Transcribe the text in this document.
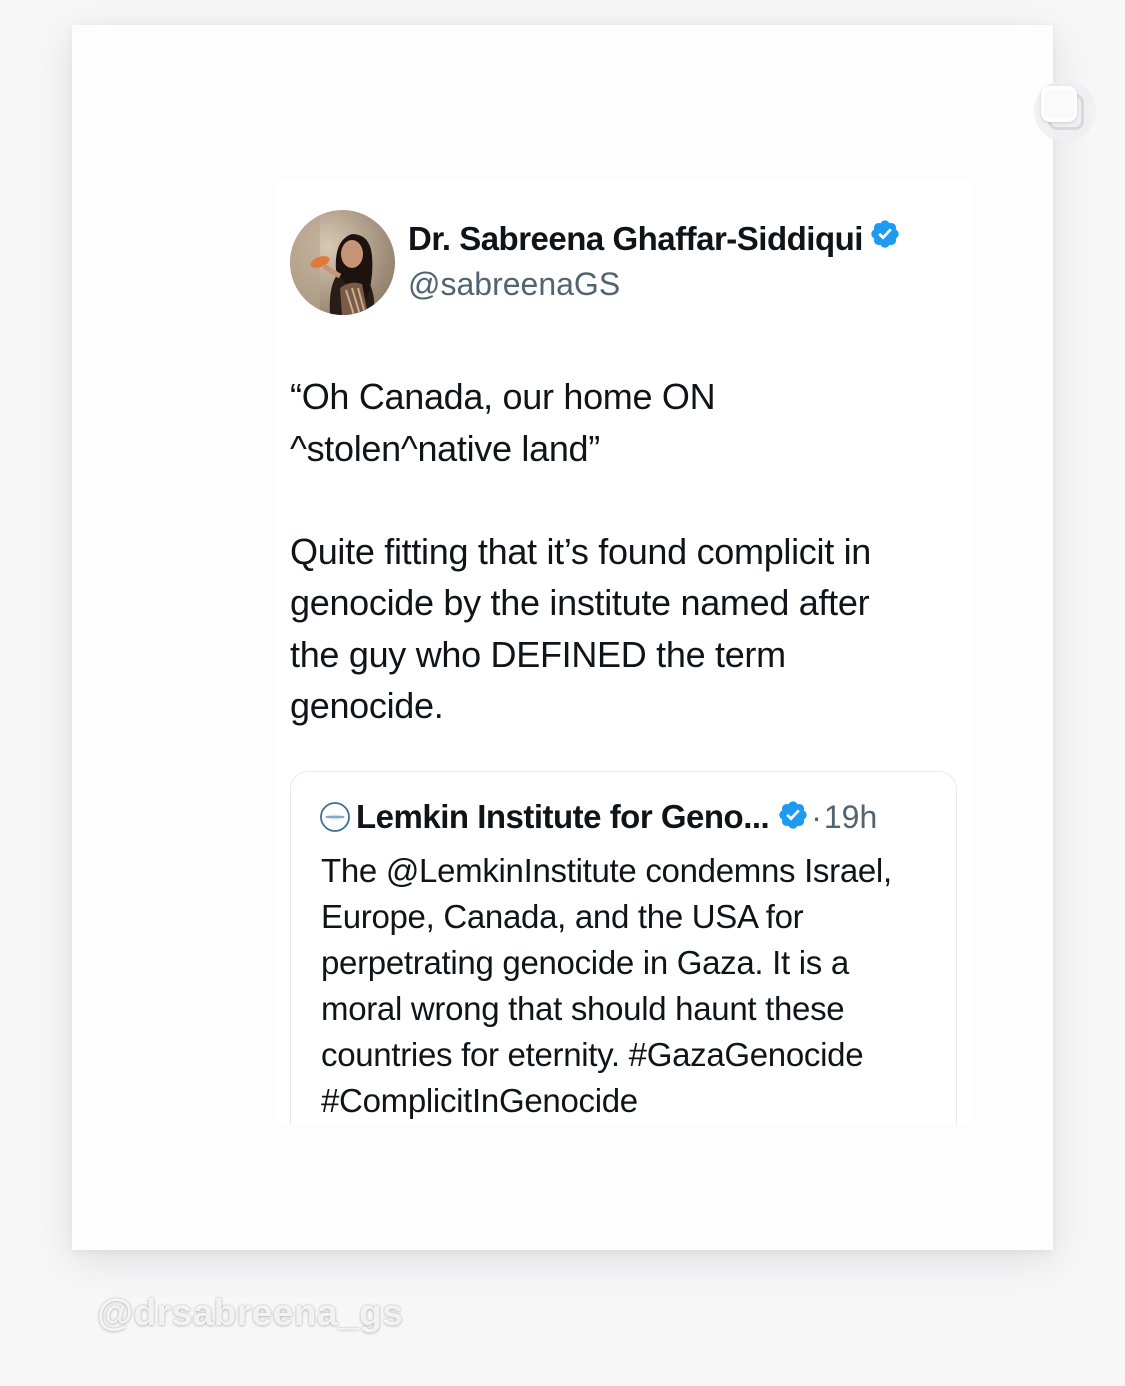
Dr. Sabreena Ghaffar-Siddiqui
@sabreenaGS

“Oh Canada, our home ON

^stolen^native land”

Quite fitting that it’s found complicit in

genocide by the institute named after

the guy who DEFINED the term

genocide.

Lemkin Institute for Geno... · 19h
The @LemkinInstitute condemns Israel,
Europe, Canada, and the USA for
perpetrating genocide in Gaza. It is a
moral wrong that should haunt these
countries for eternity. #GazaGenocide
#ComplicitInGenocide
@drsabreena_gs
